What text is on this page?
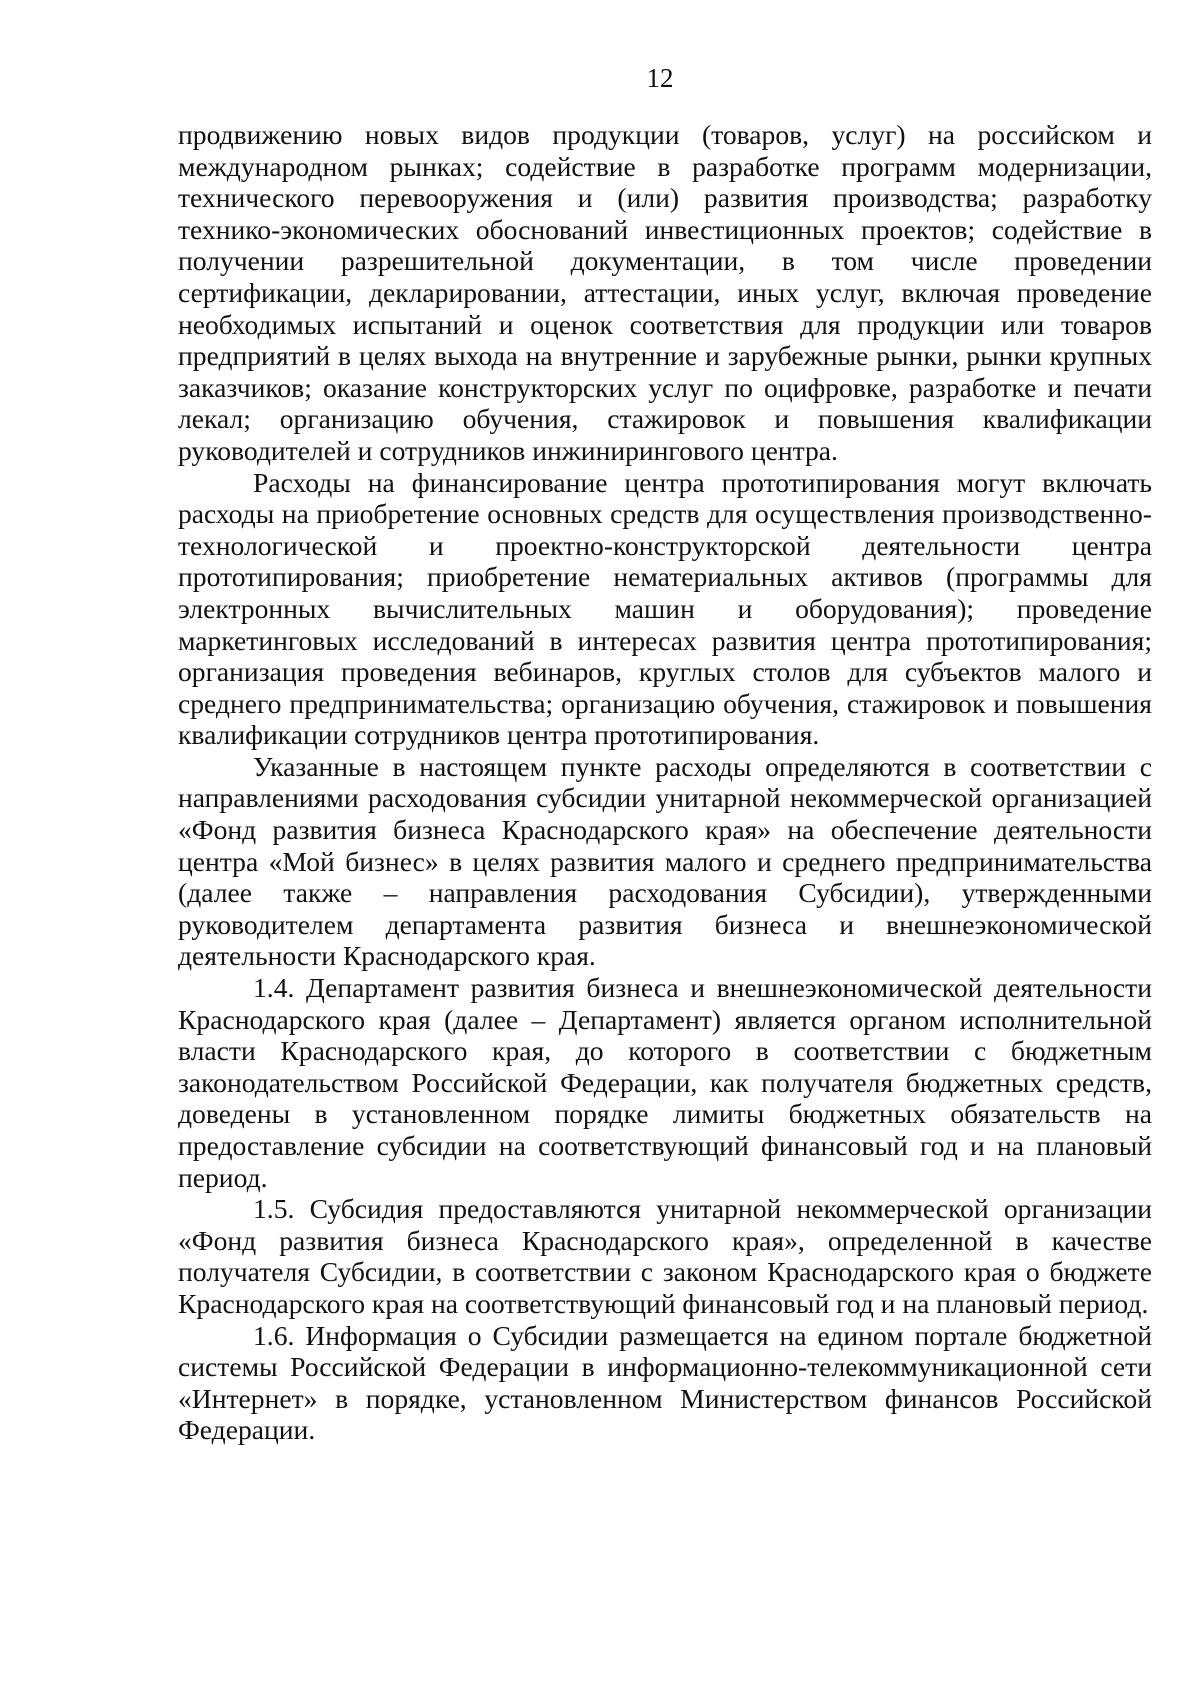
12

продвижению новых видов продукции (товаров, услуг) на российском и международном рынках; содействие в разработке программ модернизации, технического перевооружения и (или) развития производства; разработку технико-экономических обоснований инвестиционных проектов; содействие в получении разрешительной документации, в том числе проведении сертификации, декларировании, аттестации, иных услуг, включая проведение необходимых испытаний и оценок соответствия для продукции или товаров предприятий в целях выхода на внутренние и зарубежные рынки, рынки крупных заказчиков; оказание конструкторских услуг по оцифровке, разработке и печати лекал; организацию обучения, стажировок и повышения квалификации руководителей и сотрудников инжинирингового центра.

Расходы на финансирование центра прототипирования могут включать расходы на приобретение основных средств для осуществления производственно-технологической и проектно-конструкторской деятельности центра прототипирования; приобретение нематериальных активов (программы для электронных вычислительных машин и оборудования); проведение маркетинговых исследований в интересах развития центра прототипирования; организация проведения вебинаров, круглых столов для субъектов малого и среднего предпринимательства; организацию обучения, стажировок и повышения квалификации сотрудников центра прототипирования.

Указанные в настоящем пункте расходы определяются в соответствии с направлениями расходования субсидии унитарной некоммерческой организацией «Фонд развития бизнеса Краснодарского края» на обеспечение деятельности центра «Мой бизнес» в целях развития малого и среднего предпринимательства (далее также – направления расходования Субсидии), утвержденными руководителем департамента развития бизнеса и внешнеэкономической деятельности Краснодарского края.

1.4. Департамент развития бизнеса и внешнеэкономической деятельности Краснодарского края (далее – Департамент) является органом исполнительной власти Краснодарского края, до которого в соответствии с бюджетным законодательством Российской Федерации, как получателя бюджетных средств, доведены в установленном порядке лимиты бюджетных обязательств на предоставление субсидии на соответствующий финансовый год и на плановый период.

1.5. Субсидия предоставляются унитарной некоммерческой организации «Фонд развития бизнеса Краснодарского края», определенной в качестве получателя Субсидии, в соответствии с законом Краснодарского края о бюджете Краснодарского края на соответствующий финансовый год и на плановый период.

1.6. Информация о Субсидии размещается на едином портале бюджетной системы Российской Федерации в информационно-телекоммуникационной сети «Интернет» в порядке, установленном Министерством финансов Российской Федерации.
